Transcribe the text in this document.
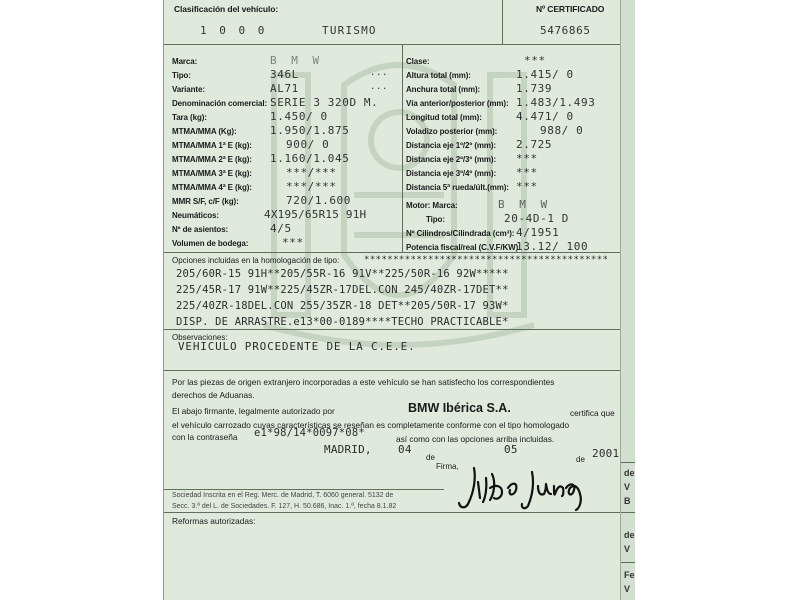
Clasificación del vehículo:
1 0 0 0	TURISMO
Nº CERTIFICADO
5476865
Marca:	B M W
Tipo:	346L
Variante:	AL71
Denominación comercial: SERIE 3 320D M.
Tara (kg):	1.450/ 0
MTMA/MMA (Kg):	1.950/1.875
MTMA/MMA 1ª E (kg):	900/ 0
MTMA/MMA 2ª E (kg): 1.160/1.045
MTMA/MMA 3ª E (kg):	***/***
MTMA/MMA 4ª E (kg):	***/***
MMR S/F, c/F (kg):	720/1.600
Neumáticos:	4X195/65R15 91H
Nº de asientos:	4/5
Volumen de bodega:	***
...
...
Clase:	***
Altura total (mm):	1.415/ 0
Anchura total (mm):	1.739
Vía anterior/posterior (mm): 1.483/1.493
Longitud total (mm):	4.471/ 0
Voladizo posterior (mm):	988/ 0
Distancia eje 1º/2º (mm): 2.725
Distancia eje 2º/3º (mm): ***
Distancia eje 3º/4º (mm): ***
Distancia 5ª rueda/últ.(mm): ***
Motor: Marca:	B M W
Tipo:	20-4D-1 D
Nº Cilindros/Cilindrada (cm³): 4/1951
Potencia fiscal/real (C.V.F/KW):
13.12/ 100
Opciones incluidas en la homologación de tipo:	******************************************
205/60R-15 91H**205/55R-16 91V**225/50R-16 92W*****
225/45R-17 91W**225/45ZR-17DEL.CON 245/40ZR-17DET**
225/40ZR-18DEL.CON 255/35ZR-18 DET**205/50R-17 93W*
DISP. DE ARRASTRE.e13*00-0189****TECHO PRACTICABLE*
Observaciones:
VEHICULO PROCEDENTE DE LA C.E.E.
Por las piezas de origen extranjero incorporadas a este vehículo se han satisfecho los correspondientes
derechos de Aduanas.
El abajo firmante, legalmente autorizado por	BMW Ibérica S.A.	certifica que
el vehículo carrozado cuyas características se reseñan es completamente conforme con el tipo homologado
con la contraseña e1*98/14*0097*08*	así como con las opciones arriba incluidas.
MADRID, 04
de
05
de 2001
Firma,
Sociedad Inscrita en el Reg. Merc. de Madrid, T. 6060 general. 5132 de
Secc. 3.ª del L. de Sociedades. F. 127, H. 50.686, Inac. 1.ª, fecha 8.1.82
Reformas autorizadas:
de
V
B
de
V
Fe
V
